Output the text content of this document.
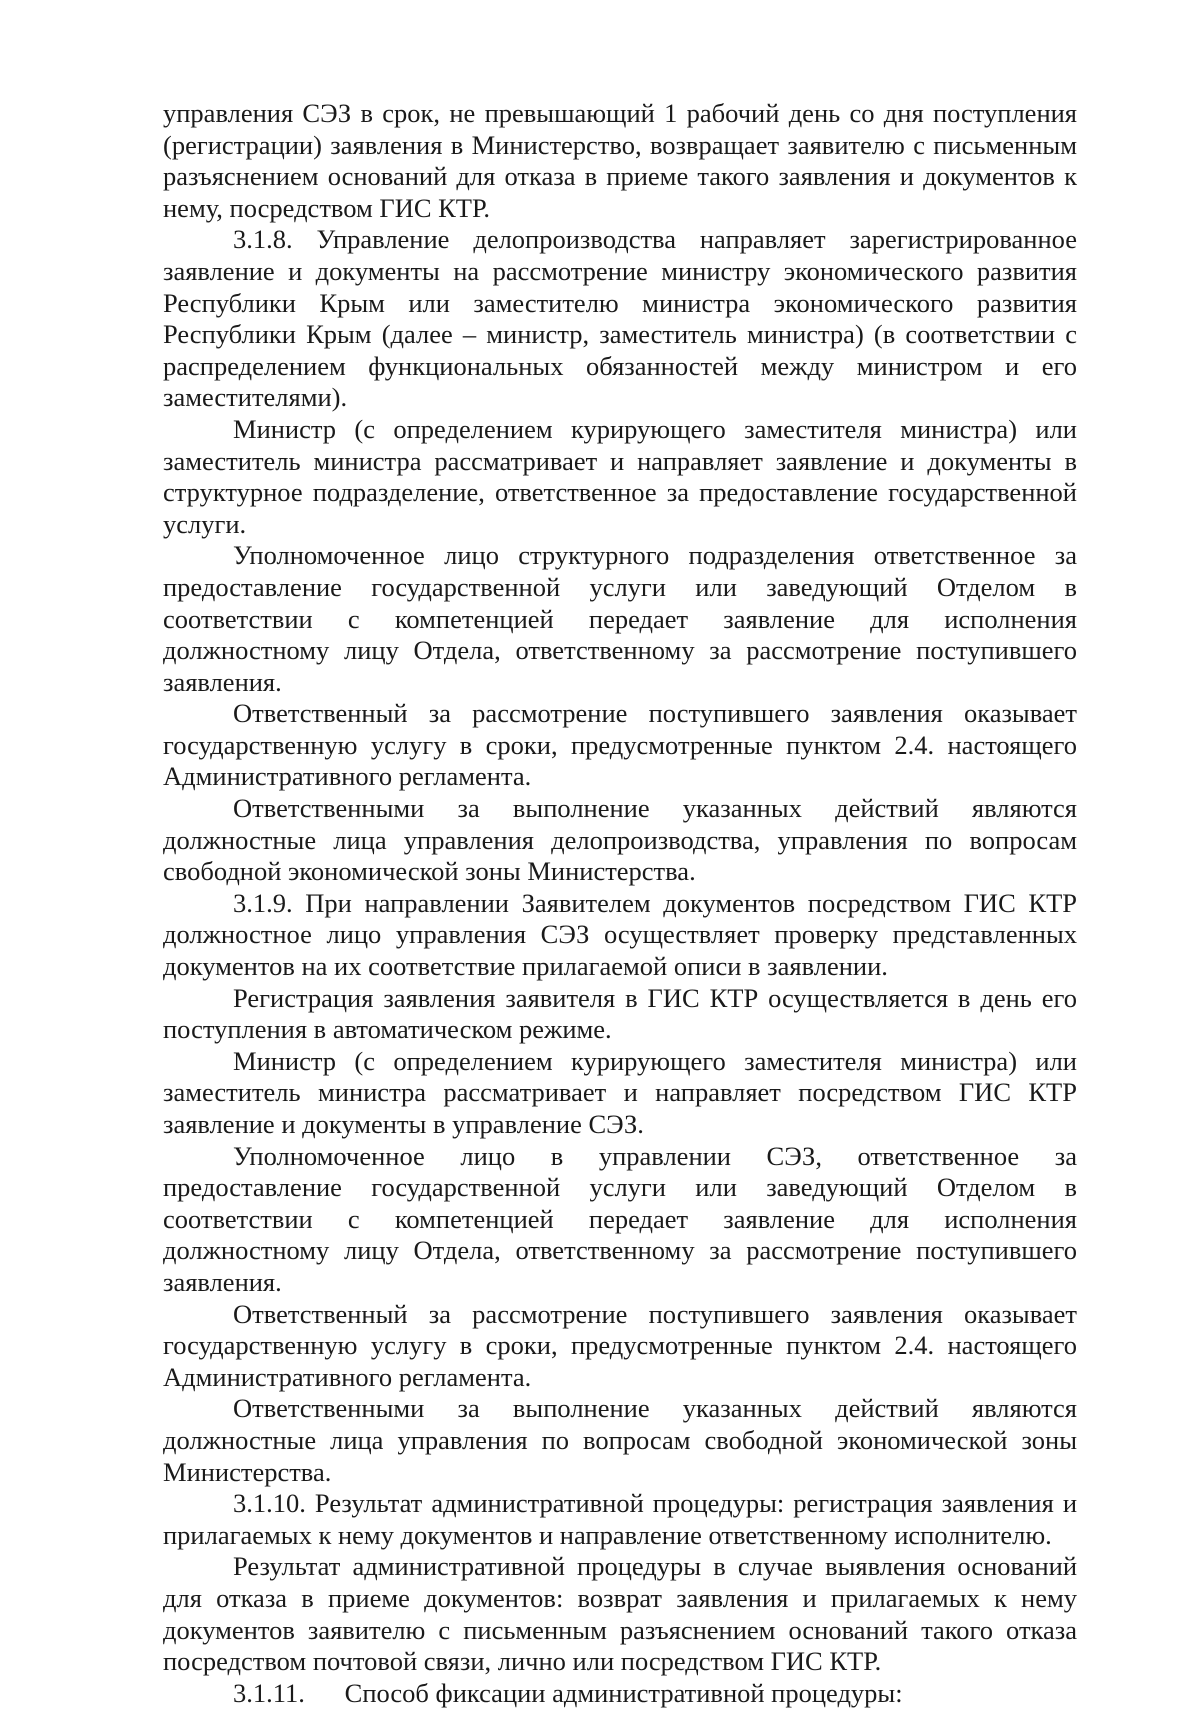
управления СЭЗ в срок, не превышающий 1 рабочий день со дня поступления (регистрации) заявления в Министерство, возвращает заявителю с письменным разъяснением оснований для отказа в приеме такого заявления и документов к нему, посредством ГИС КТР.

3.1.8. Управление делопроизводства направляет зарегистрированное заявление и документы на рассмотрение министру экономического развития Республики Крым или заместителю министра экономического развития Республики Крым (далее – министр, заместитель министра) (в соответствии с распределением функциональных обязанностей между министром и его заместителями).

Министр (с определением курирующего заместителя министра) или заместитель министра рассматривает и направляет заявление и документы в структурное подразделение, ответственное за предоставление государственной услуги.

Уполномоченное лицо структурного подразделения ответственное за предоставление государственной услуги или заведующий Отделом в соответствии с компетенцией передает заявление для исполнения должностному лицу Отдела, ответственному за рассмотрение поступившего заявления.

Ответственный за рассмотрение поступившего заявления оказывает государственную услугу в сроки, предусмотренные пунктом 2.4. настоящего Административного регламента.

Ответственными за выполнение указанных действий являются должностные лица управления делопроизводства, управления по вопросам свободной экономической зоны Министерства.

3.1.9. При направлении Заявителем документов посредством ГИС КТР должностное лицо управления СЭЗ осуществляет проверку представленных документов на их соответствие прилагаемой описи в заявлении.

Регистрация заявления заявителя в ГИС КТР осуществляется в день его поступления в автоматическом режиме.

Министр (с определением курирующего заместителя министра) или заместитель министра рассматривает и направляет посредством ГИС КТР заявление и документы в управление СЭЗ.

Уполномоченное лицо в управлении СЭЗ, ответственное за предоставление государственной услуги или заведующий Отделом в соответствии с компетенцией передает заявление для исполнения должностному лицу Отдела, ответственному за рассмотрение поступившего заявления.

Ответственный за рассмотрение поступившего заявления оказывает государственную услугу в сроки, предусмотренные пунктом 2.4. настоящего Административного регламента.

Ответственными за выполнение указанных действий являются должностные лица управления по вопросам свободной экономической зоны Министерства.

3.1.10. Результат административной процедуры: регистрация заявления и прилагаемых к нему документов и направление ответственному исполнителю.

Результат административной процедуры в случае выявления оснований для отказа в приеме документов: возврат заявления и прилагаемых к нему документов заявителю с письменным разъяснением оснований такого отказа посредством почтовой связи, лично или посредством ГИС КТР.

3.1.11.      Способ фиксации административной процедуры:
